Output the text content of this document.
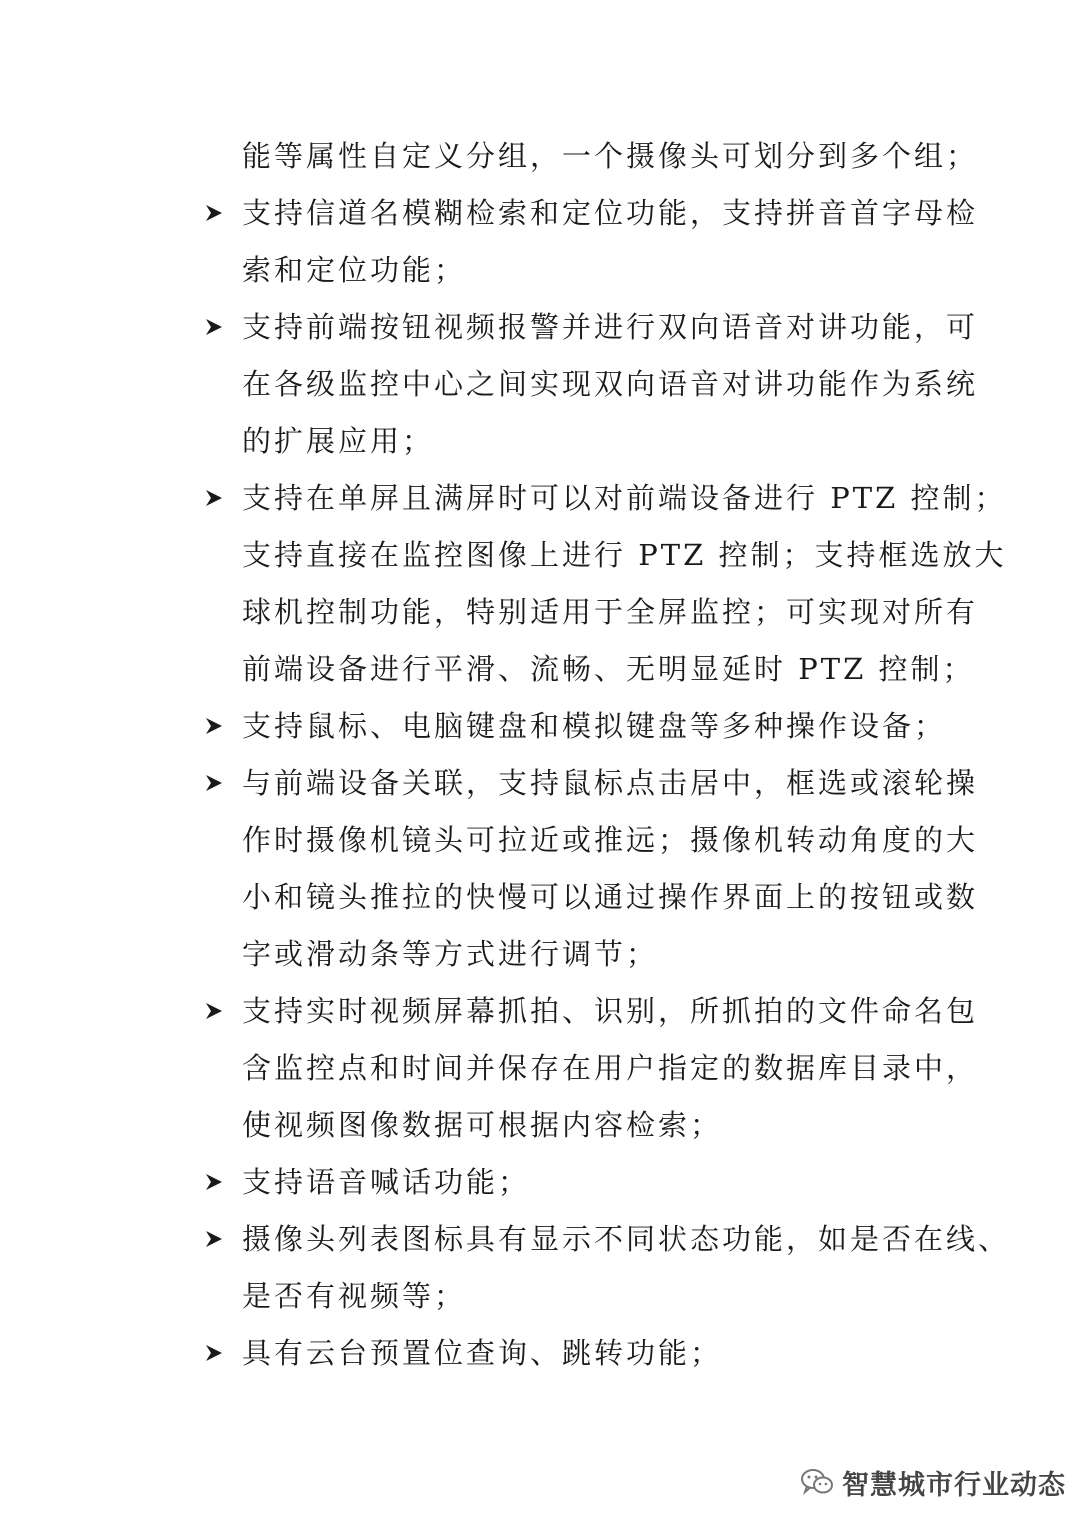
能等属性自定义分组，一个摄像头可划分到多个组；
支持信道名模糊检索和定位功能，支持拼音首字母检
索和定位功能；
支持前端按钮视频报警并进行双向语音对讲功能，可
在各级监控中心之间实现双向语音对讲功能作为系统
的扩展应用；
支持在单屏且满屏时可以对前端设备进行 PTZ 控制；
支持直接在监控图像上进行 PTZ 控制；支持框选放大
球机控制功能，特别适用于全屏监控；可实现对所有
前端设备进行平滑、流畅、无明显延时 PTZ 控制；
支持鼠标、电脑键盘和模拟键盘等多种操作设备；
与前端设备关联，支持鼠标点击居中，框选或滚轮操
作时摄像机镜头可拉近或推远；摄像机转动角度的大
小和镜头推拉的快慢可以通过操作界面上的按钮或数
字或滑动条等方式进行调节；
支持实时视频屏幕抓拍、识别，所抓拍的文件命名包
含监控点和时间并保存在用户指定的数据库目录中，
使视频图像数据可根据内容检索；
支持语音喊话功能；
摄像头列表图标具有显示不同状态功能，如是否在线、
是否有视频等；
具有云台预置位查询、跳转功能；
智慧城市行业动态
